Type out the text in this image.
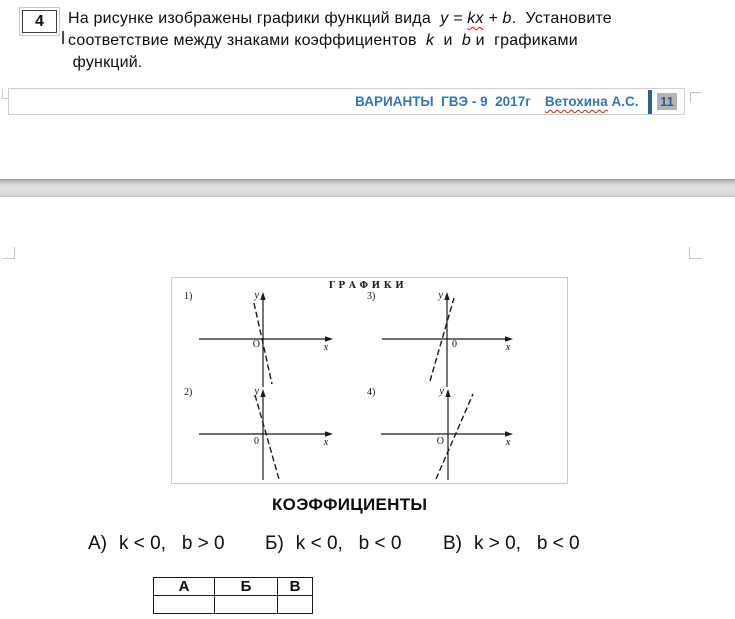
4 На рисунке изображены графики функций вида  y = kx + b.  Установите
соответствие между знаками коэффициентов  k  и  b и  графиками
функций.
ВАРИАНТЫ  ГВЭ - 9  2017г Ветохина А.С. 11
ГРАФИКИ
1)	у
х
O
2)	у
х
0
3)	у
х
0
4)	у
х
O
КОЭФФИЦИЕНТЫ
А) k < 0,   b > 0 Б) k < 0,   b < 0 В) k > 0,   b < 0
А	Б	В
